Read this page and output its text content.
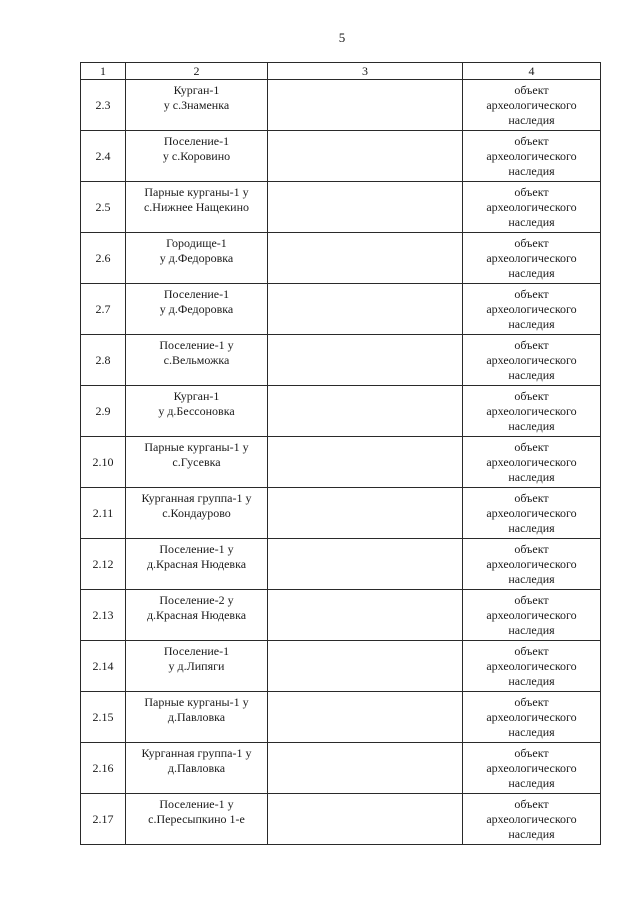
5
1	2	3	4
2.3	Курган-1
у с.Знаменка		объект
археологического
наследия

2.4	Поселение-1
у с.Коровино		объект
археологического
наследия

2.5	Парные курганы-1 у
с.Нижнее Нащекино		объект
археологического
наследия

2.6	Городище-1
у д.Федоровка		объект
археологического
наследия

2.7	Поселение-1
у д.Федоровка		объект
археологического
наследия

2.8	Поселение-1 у
с.Вельможка		объект
археологического
наследия

2.9	Курган-1
у д.Бессоновка		объект
археологического
наследия

2.10	Парные курганы-1 у
с.Гусевка		объект
археологического
наследия

2.11	Курганная группа-1 у
с.Кондаурово		объект
археологического
наследия

2.12	Поселение-1 у
д.Красная Нюдевка		объект
археологического
наследия

2.13	Поселение-2 у
д.Красная Нюдевка		объект
археологического
наследия

2.14	Поселение-1
у д.Липяги		объект
археологического
наследия

2.15	Парные курганы-1 у
д.Павловка		объект
археологического
наследия

2.16	Курганная группа-1 у
д.Павловка		объект
археологического
наследия

2.17	Поселение-1 у
с.Пересыпкино 1-е		объект
археологического
наследия
